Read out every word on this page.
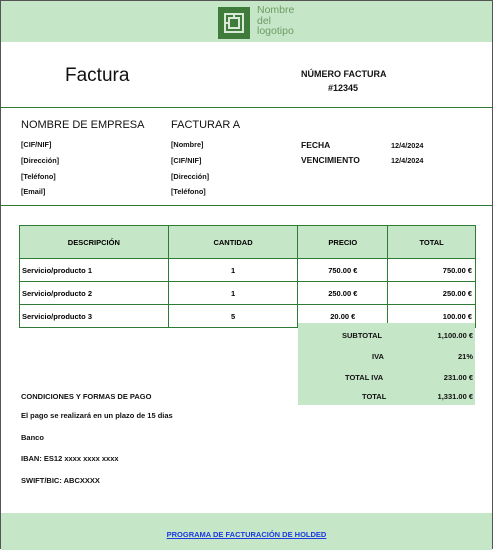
Nombre
del
logotipo
Factura	NÚMERO FACTURA
#12345
NOMBRE DE EMPRESA FACTURAR A
[CIF/NIF]
[Dirección]
[Teléfono]
[Email]
[Nombre]
[CIF/NIF]
[Dirección]
[Teléfono]
FECHA	12/4/2024
VENCIMIENTO	12/4/2024
DESCRIPCIÓN	CANTIDAD	PRECIO	TOTAL
Servicio/producto 1	1	750.00 €	750.00 €
Servicio/producto 2	1	250.00 €	250.00 €
Servicio/producto 3	5	20.00 €	100.00 €
SUBTOTAL	1,100.00 €
IVA	21%
TOTAL IVA	231.00 €
TOTAL	1,331.00 €
CONDICIONES Y FORMAS DE PAGO
El pago se realizará en un plazo de 15 dias
Banco
IBAN: ES12 xxxx xxxx xxxx
SWIFT/BIC: ABCXXXX
PROGRAMA DE FACTURACIÓN DE HOLDED
